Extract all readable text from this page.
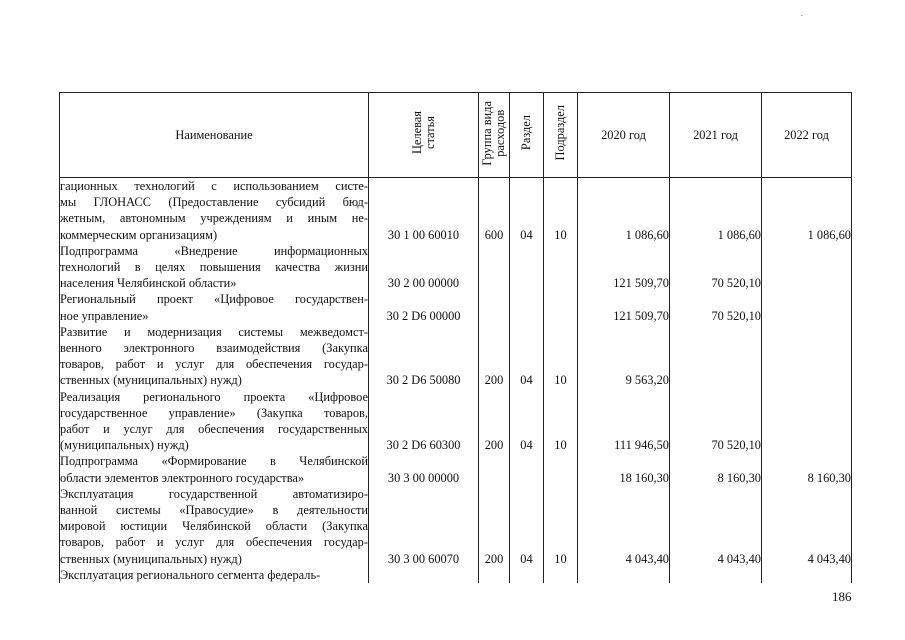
Наименование	Целевая статья	Группа вида расходов	Раздел	Подраздел	2020 год	2021 год	2022 год

гационных технологий с использованием систе-
мы ГЛОНАСС (Предоставление субсидий бюд-
жетным, автономным учреждениям и иным не-
коммерческим организациям)	30 1 00 60010	600	04	10	1 086,60	1 086,60	1 086,60

Подпрограмма «Внедрение информационных
технологий в целях повышения качества жизни
населения Челябинской области»	30 2 00 00000				121 509,70	70 520,10	

Региональный проект «Цифровое государствен-
ное управление»	30 2 D6 00000				121 509,70	70 520,10	

Развитие и модернизация системы межведомст-
венного электронного взаимодействия (Закупка
товаров, работ и услуг для обеспечения госудаp-
ственных (муниципальных) нужд)	30 2 D6 50080	200	04	10	9 563,20		

Реализация регионального проекта «Цифровое
государственное управление» (Закупка товаров,
работ и услуг для обеспечения государственных
(муниципальных) нужд)	30 2 D6 60300	200	04	10	111 946,50	70 520,10	

Подпрограмма «Формирование в Челябинской
области элементов электронного государства»	30 3 00 00000				18 160,30	8 160,30	8 160,30

Эксплуатация государственной автоматизиро-
ванной системы «Правосудие» в деятельности
мировой юстиции Челябинской области (Закупка
товаров, работ и услуг для обеспечения госудаp-
ственных (муниципальных) нужд)	30 3 00 60070	200	04	10	4 043,40	4 043,40	4 043,40

Эксплуатация регионального сегмента федераль-							

186
